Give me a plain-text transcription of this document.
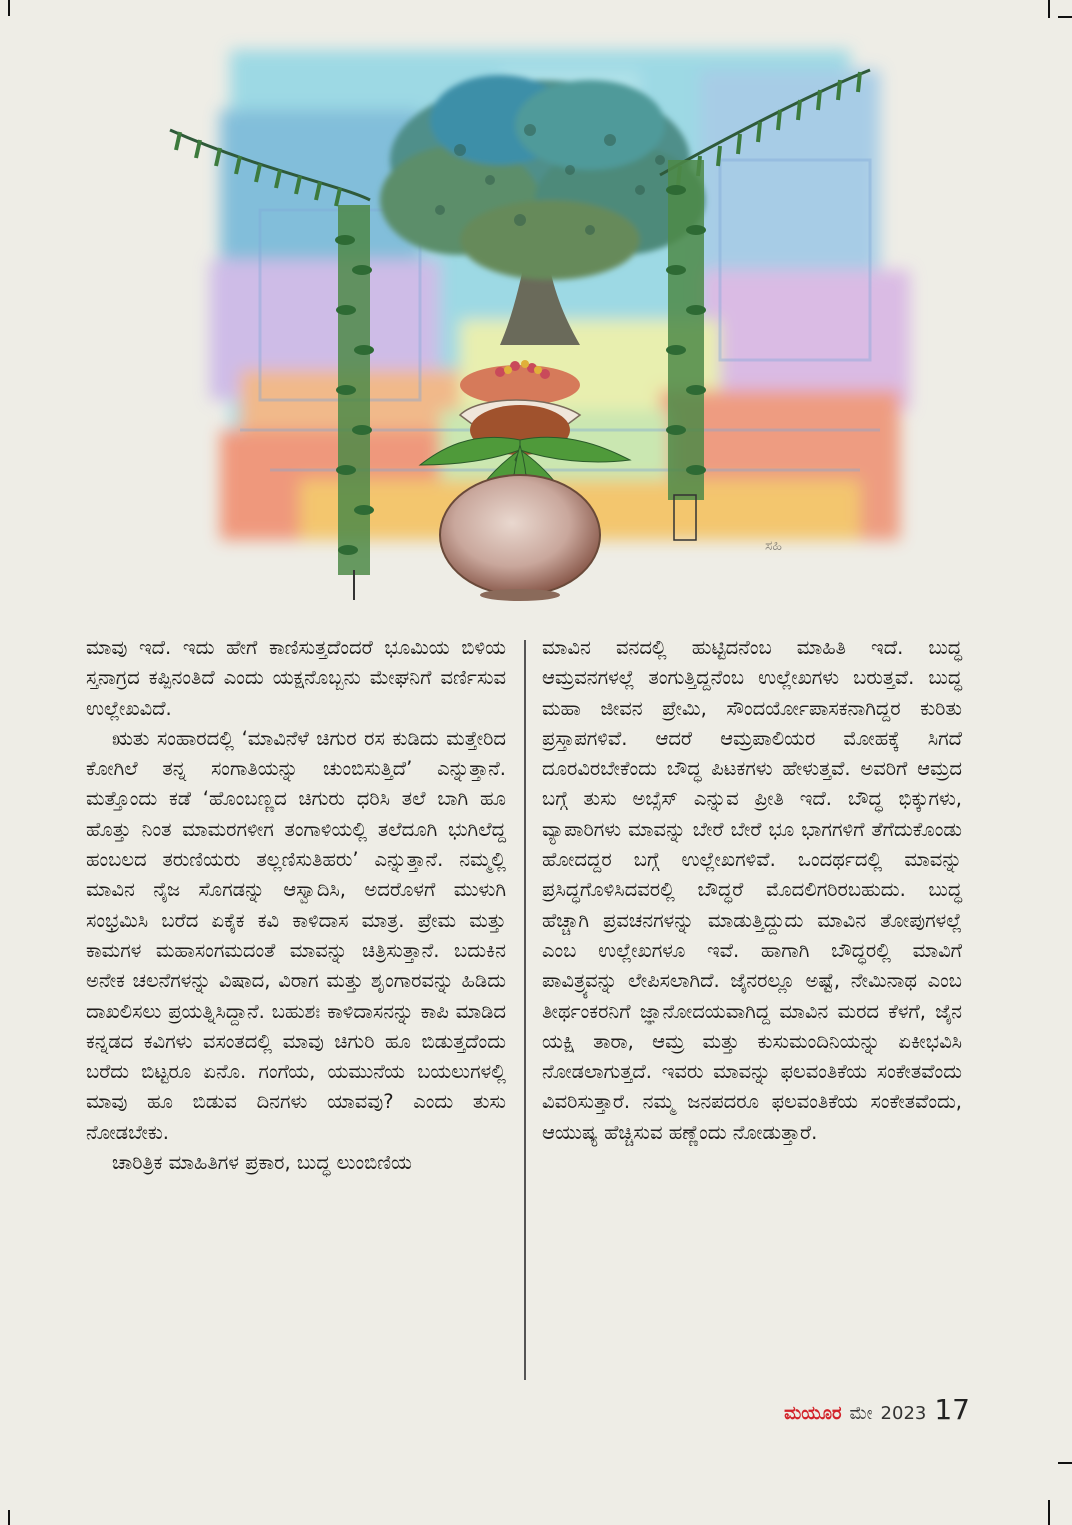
ಸಹಿ

ಮಾವು ಇದೆ. ಇದು ಹೇಗೆ ಕಾಣಿಸುತ್ತದೆಂದರೆ ಭೂಮಿಯ ಬಿಳಿಯ ಸ್ತನಾಗ್ರದ ಕಪ್ಪಿನಂತಿದೆ ಎಂದು ಯಕ್ಷನೊಬ್ಬನು ಮೇಘನಿಗೆ ವರ್ಣಿಸುವ ಉಲ್ಲೇಖವಿದೆ.

ಋತು ಸಂಹಾರದಲ್ಲಿ ‘ಮಾವಿನೆಳೆ ಚಿಗುರ ರಸ ಕುಡಿದು ಮತ್ತೇರಿದ ಕೋಗಿಲೆ ತನ್ನ ಸಂಗಾತಿಯನ್ನು ಚುಂಬಿಸುತ್ತಿದೆ’ ಎನ್ನುತ್ತಾನೆ. ಮತ್ತೊಂದು ಕಡೆ ‘ಹೊಂಬಣ್ಣದ ಚಿಗುರು ಧರಿಸಿ ತಲೆ ಬಾಗಿ ಹೂ ಹೊತ್ತು ನಿಂತ ಮಾಮರಗಳೀಗ ತಂಗಾಳಿಯಲ್ಲಿ ತಲೆದೂಗಿ ಭುಗಿಲೆದ್ದ ಹಂಬಲದ ತರುಣಿಯರು ತಲ್ಲಣಿಸುತಿಹರು’ ಎನ್ನುತ್ತಾನೆ. ನಮ್ಮಲ್ಲಿ ಮಾವಿನ ನೈಜ ಸೊಗಡನ್ನು ಆಸ್ವಾದಿಸಿ, ಅದರೊಳಗೆ ಮುಳುಗಿ ಸಂಭ್ರಮಿಸಿ ಬರೆದ ಏಕೈಕ ಕವಿ ಕಾಳಿದಾಸ ಮಾತ್ರ. ಪ್ರೇಮ ಮತ್ತು ಕಾಮಗಳ ಮಹಾಸಂಗಮದಂತೆ ಮಾವನ್ನು ಚಿತ್ರಿಸುತ್ತಾನೆ. ಬದುಕಿನ ಅನೇಕ ಚಲನೆಗಳನ್ನು ವಿಷಾದ, ವಿರಾಗ ಮತ್ತು ಶೃಂಗಾರವನ್ನು ಹಿಡಿದು ದಾಖಲಿಸಲು ಪ್ರಯತ್ನಿಸಿದ್ದಾನೆ. ಬಹುಶಃ ಕಾಳಿದಾಸನನ್ನು ಕಾಪಿ ಮಾಡಿದ ಕನ್ನಡದ ಕವಿಗಳು ವಸಂತದಲ್ಲಿ ಮಾವು ಚಿಗುರಿ ಹೂ ಬಿಡುತ್ತದೆಂದು ಬರೆದು ಬಿಟ್ಟರೂ ಏನೊ. ಗಂಗೆಯ, ಯಮುನೆಯ ಬಯಲುಗಳಲ್ಲಿ ಮಾವು ಹೂ ಬಿಡುವ ದಿನಗಳು ಯಾವವು? ಎಂದು ತುಸು ನೋಡಬೇಕು.

ಚಾರಿತ್ರಿಕ ಮಾಹಿತಿಗಳ ಪ್ರಕಾರ, ಬುದ್ಧ ಲುಂಬಿಣಿಯ

ಮಾವಿನ ವನದಲ್ಲಿ ಹುಟ್ಟಿದನೆಂಬ ಮಾಹಿತಿ ಇದೆ. ಬುದ್ಧ ಆಮ್ರವನಗಳಲ್ಲೆ ತಂಗುತ್ತಿದ್ದನೆಂಬ ಉಲ್ಲೇಖಗಳು ಬರುತ್ತವೆ. ಬುದ್ಧ ಮಹಾ ಜೀವನ ಪ್ರೇಮಿ, ಸೌಂದರ್ಯೋಪಾಸಕನಾಗಿದ್ದರ ಕುರಿತು ಪ್ರಸ್ತಾಪಗಳಿವೆ. ಆದರೆ ಆಮ್ರಪಾಲಿಯರ ಮೋಹಕ್ಕೆ ಸಿಗದೆ ದೂರವಿರಬೇಕೆಂದು ಬೌದ್ಧ ಪಿಟಕಗಳು ಹೇಳುತ್ತವೆ. ಅವರಿಗೆ ಆಮ್ರದ ಬಗ್ಗೆ ತುಸು ಅಬ್ಸೆಸ್ ಎನ್ನುವ ಪ್ರೀತಿ ಇದೆ. ಬೌದ್ಧ ಭಿಕ್ಕುಗಳು, ವ್ಯಾಪಾರಿಗಳು ಮಾವನ್ನು ಬೇರೆ ಬೇರೆ ಭೂ ಭಾಗಗಳಿಗೆ ತೆಗೆದುಕೊಂಡು ಹೋದದ್ದರ ಬಗ್ಗೆ ಉಲ್ಲೇಖಗಳಿವೆ. ಒಂದರ್ಥದಲ್ಲಿ ಮಾವನ್ನು ಪ್ರಸಿದ್ಧಗೊಳಿಸಿದವರಲ್ಲಿ ಬೌದ್ಧರೆ ಮೊದಲಿಗರಿರಬಹುದು. ಬುದ್ಧ ಹೆಚ್ಚಾಗಿ ಪ್ರವಚನಗಳನ್ನು ಮಾಡುತ್ತಿದ್ದುದು ಮಾವಿನ ತೋಪುಗಳಲ್ಲೆ ಎಂಬ ಉಲ್ಲೇಖಗಳೂ ಇವೆ. ಹಾಗಾಗಿ ಬೌದ್ಧರಲ್ಲಿ ಮಾವಿಗೆ ಪಾವಿತ್ರ್ಯವನ್ನು ಲೇಪಿಸಲಾಗಿದೆ. ಜೈನರಲ್ಲೂ ಅಷ್ಟೆ, ನೇಮಿನಾಥ ಎಂಬ ತೀರ್ಥಂಕರನಿಗೆ ಜ್ಞಾನೋದಯವಾಗಿದ್ದ ಮಾವಿನ ಮರದ ಕೆಳಗೆ, ಜೈನ ಯಕ್ಷಿ ತಾರಾ, ಆಮ್ರ ಮತ್ತು ಕುಸುಮಂದಿನಿಯನ್ನು ಏಕೀಭವಿಸಿ ನೋಡಲಾಗುತ್ತದೆ. ಇವರು ಮಾವನ್ನು ಫಲವಂತಿಕೆಯ ಸಂಕೇತವೆಂದು ವಿವರಿಸುತ್ತಾರೆ. ನಮ್ಮ ಜನಪದರೂ ಫಲವಂತಿಕೆಯ ಸಂಕೇತವೆಂದು, ಆಯುಷ್ಯ ಹೆಚ್ಚಿಸುವ ಹಣ್ಣೆಂದು ನೋಡುತ್ತಾರೆ.

ಮಯೂರ ಮೇ 2023 17
